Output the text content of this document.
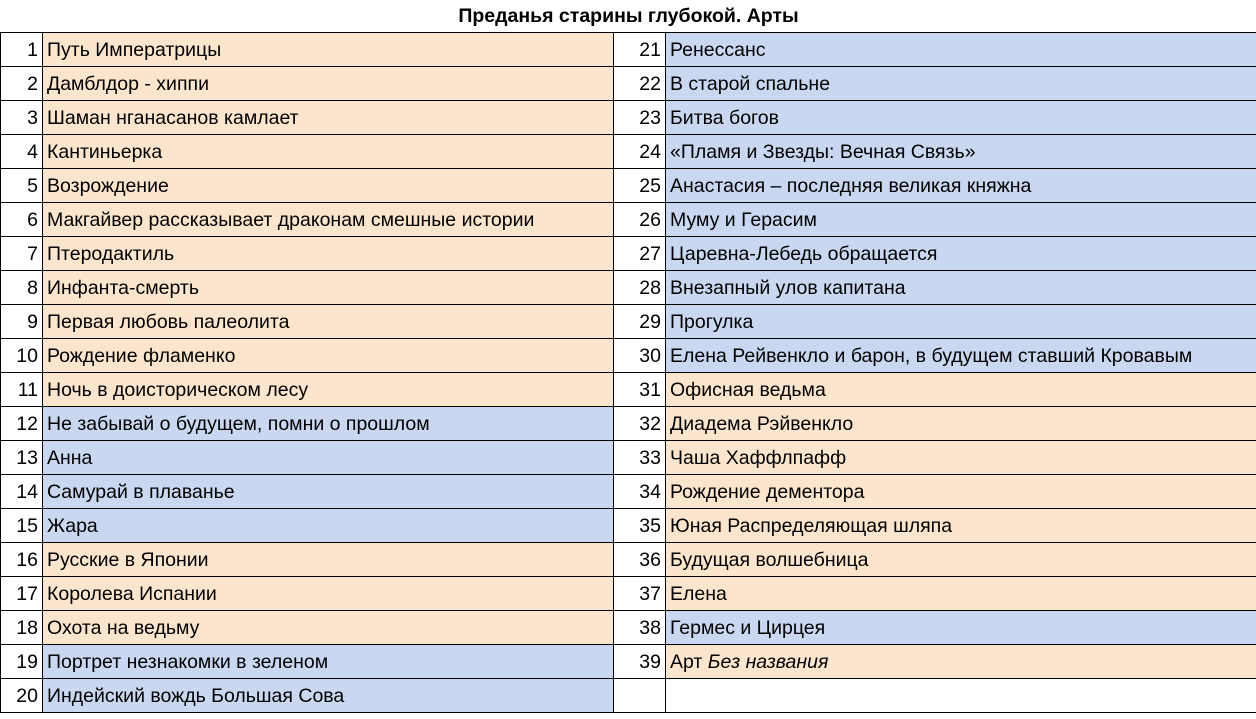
Преданья старины глубокой. Арты			
1	Путь Императрицы	21	Ренессанс
2	Дамблдор - хиппи	22	В старой спальне
3	Шаман нганасанов камлает	23	Битва богов
4	Кантиньерка	24	«Пламя и Звезды: Вечная Связь»
5	Возрождение	25	Анастасия – последняя великая княжна
6	Макгайвер рассказывает драконам смешные истории	26	Муму и Герасим
7	Птеродактиль	27	Царевна-Лебедь обращается
8	Инфанта-смерть	28	Внезапный улов капитана
9	Первая любовь палеолита	29	Прогулка
10	Рождение фламенко	30	Елена Рейвенкло и барон, в будущем ставший Кровавым
11	Ночь в доисторическом лесу	31	Офисная ведьма
12	Не забывай о будущем, помни о прошлом	32	Диадема Рэйвенкло
13	Анна	33	Чаша Хаффлпафф
14	Самурай в плаванье	34	Рождение дементора
15	Жара	35	Юная Распределяющая шляпа
16	Русские в Японии	36	Будущая волшебница
17	Королева Испании	37	Елена
18	Охота на ведьму	38	Гермес и Цирцея
19	Портрет незнакомки в зеленом	39	Арт Без названия
20	Индейский вождь Большая Сова		
